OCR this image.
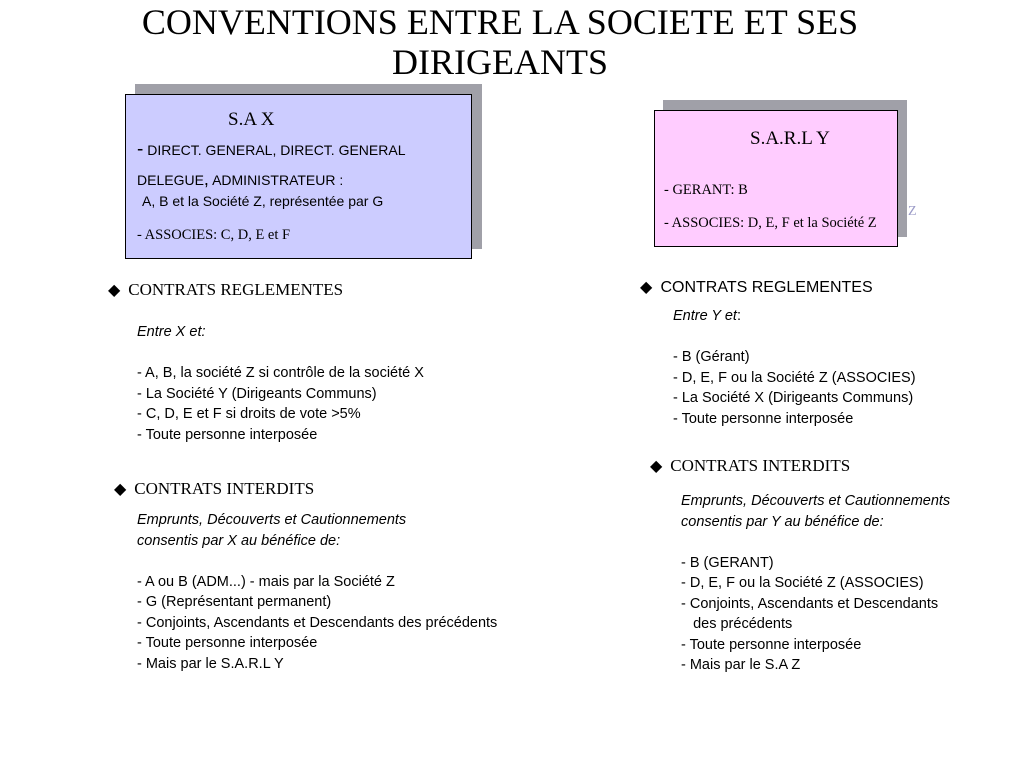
CONVENTIONS ENTRE LA SOCIETE ET SES
DIRIGEANTS
S.A X
- DIRECT. GENERAL, DIRECT. GENERAL
DELEGUE, ADMINISTRATEUR :
A, B et la Société Z, représentée par G
- ASSOCIES: C, D, E et F
Z
S.A.R.L Y
- GERANT: B
- ASSOCIES: D, E, F et la Société Z
◆ CONTRATS REGLEMENTES
Entre X et:
- A, B, la société Z si contrôle de la société X
- La Société Y (Dirigeants Communs)
- C, D, E et F si droits de vote >5%
- Toute personne interposée
◆ CONTRATS INTERDITS
Emprunts, Découverts et Cautionnements
consentis par X au bénéfice de:
- A ou B (ADM...) - mais par la Société Z
- G (Représentant permanent)
- Conjoints, Ascendants et Descendants des précédents
- Toute personne interposée
- Mais par le S.A.R.L Y
◆ CONTRATS REGLEMENTES
Entre Y et:
- B (Gérant)
- D, E, F ou la Société Z (ASSOCIES)
- La Société X (Dirigeants Communs)
- Toute personne interposée
◆ CONTRATS INTERDITS
Emprunts, Découverts et Cautionnements
consentis par Y au bénéfice de:
- B (GERANT)
- D, E, F ou la Société Z (ASSOCIES)
- Conjoints, Ascendants et Descendants
des précédents
- Toute personne interposée
- Mais par le S.A Z
